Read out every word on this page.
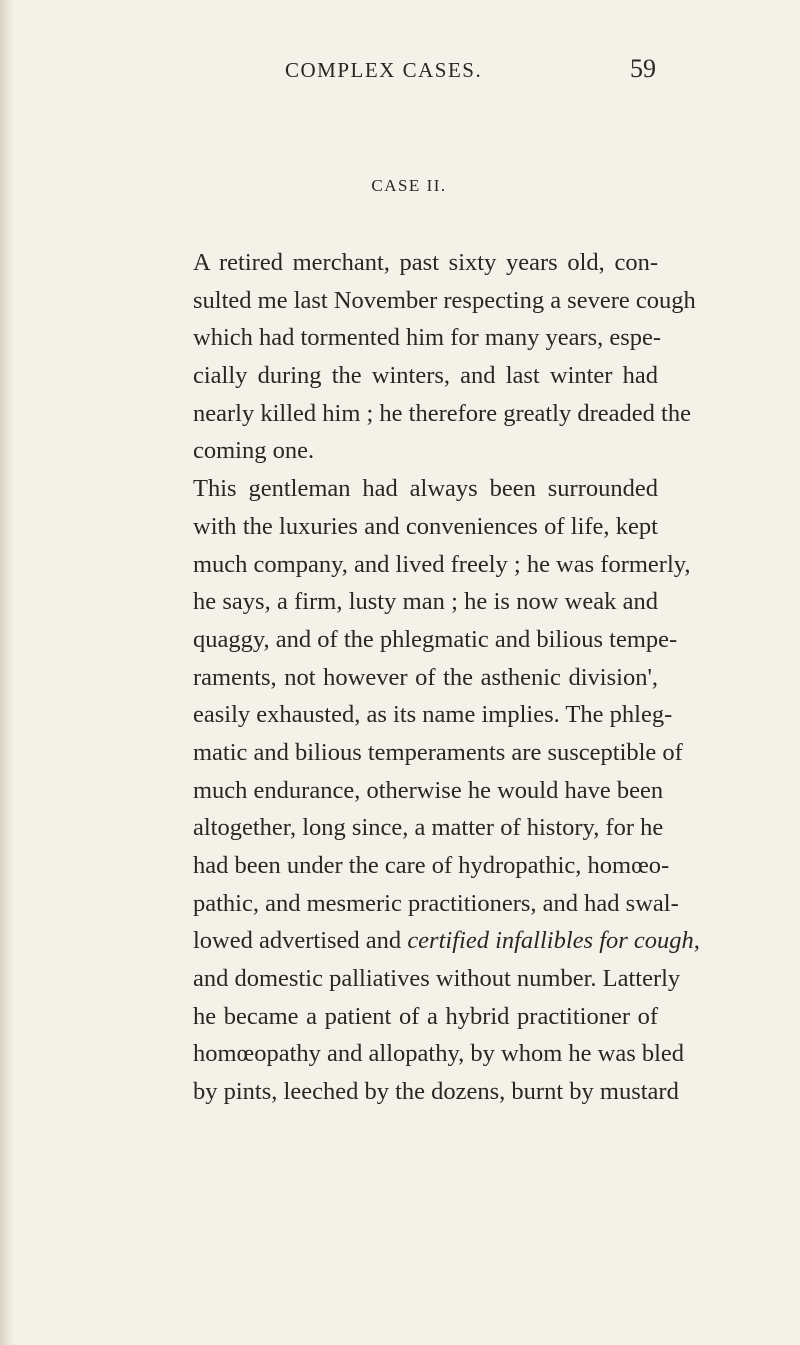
COMPLEX CASES.	59
CASE II.
A retired merchant, past sixty years old, con-
sulted me last November respecting a severe cough
which had tormented him for many years, espe-
cially during the winters, and last winter had
nearly killed him ; he therefore greatly dreaded the
coming one.
This gentleman had always been surrounded
with the luxuries and conveniences of life, kept
much company, and lived freely ; he was formerly,
he says, a firm, lusty man ; he is now weak and
quaggy, and of the phlegmatic and bilious tempe-
raments, not however of the asthenic division',
easily exhausted, as its name implies. The phleg-
matic and bilious temperaments are susceptible of
much endurance, otherwise he would have been
altogether, long since, a matter of history, for he
had been under the care of hydropathic, homœo-
pathic, and mesmeric practitioners, and had swal-
lowed advertised and certified infallibles for cough,
and domestic palliatives without number. Latterly
he became a patient of a hybrid practitioner of
homœopathy and allopathy, by whom he was bled
by pints, leeched by the dozens, burnt by mustard
